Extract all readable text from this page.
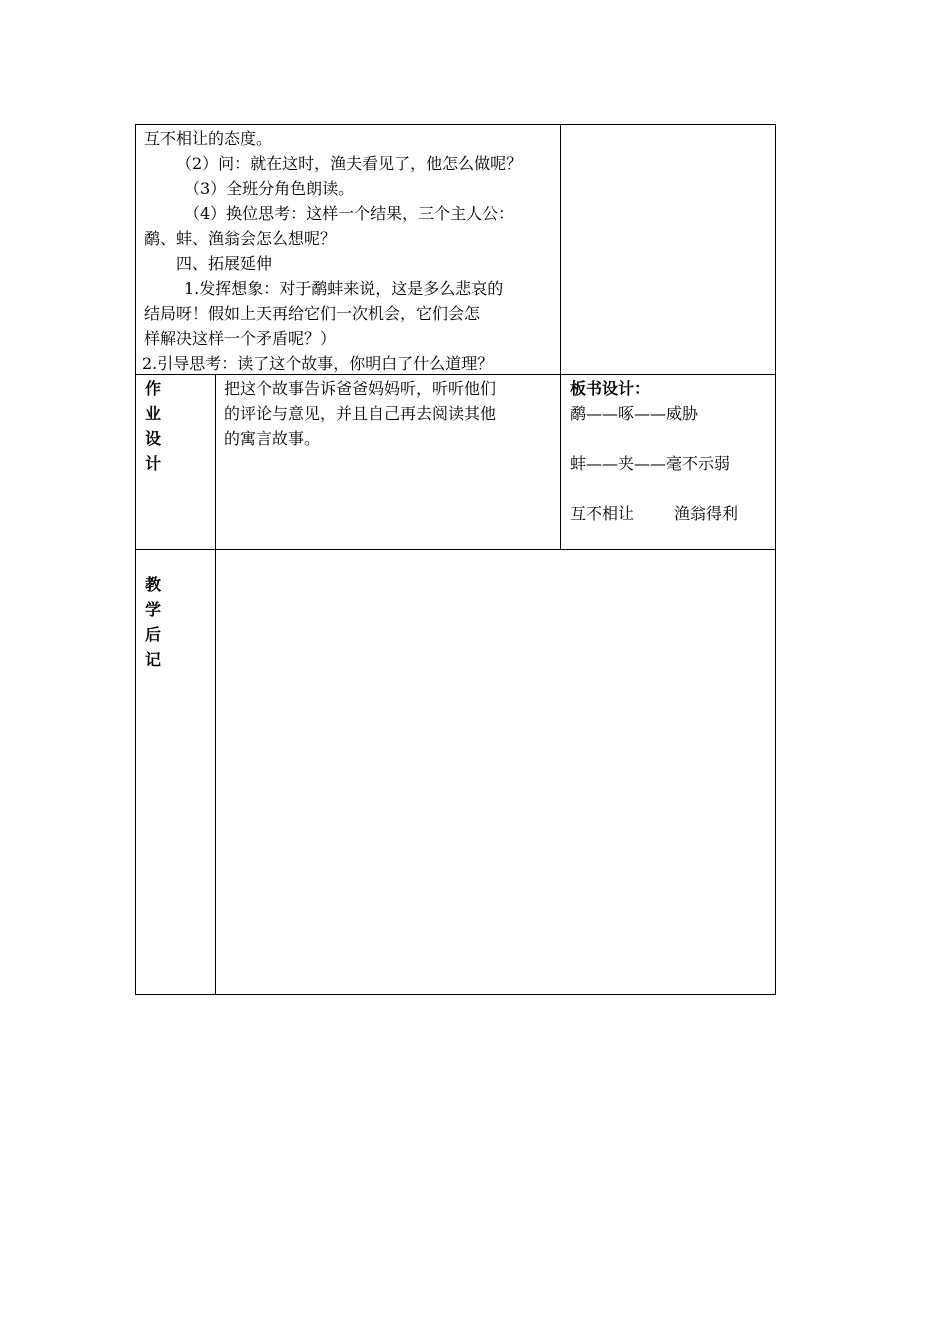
互不相让的态度。
（2）问：就在这时，渔夫看见了，他怎么做呢？
（3）全班分角色朗读。
（4）换位思考：这样一个结果，三个主人公：
鹬、蚌、渔翁会怎么想呢？
四、拓展延伸
1.发挥想象：对于鹬蚌来说，这是多么悲哀的
结局呀！假如上天再给它们一次机会，它们会怎
样解决这样一个矛盾呢？）
2.引导思考：读了这个故事，你明白了什么道理？
作
业
设
计
把这个故事告诉爸爸妈妈听，听听他们
的评论与意见，并且自己再去阅读其他
的寓言故事。
板书设计：
鹬——啄——威胁
蚌——夹——毫不示弱
互不相让	渔翁得利
教
学
后
记
